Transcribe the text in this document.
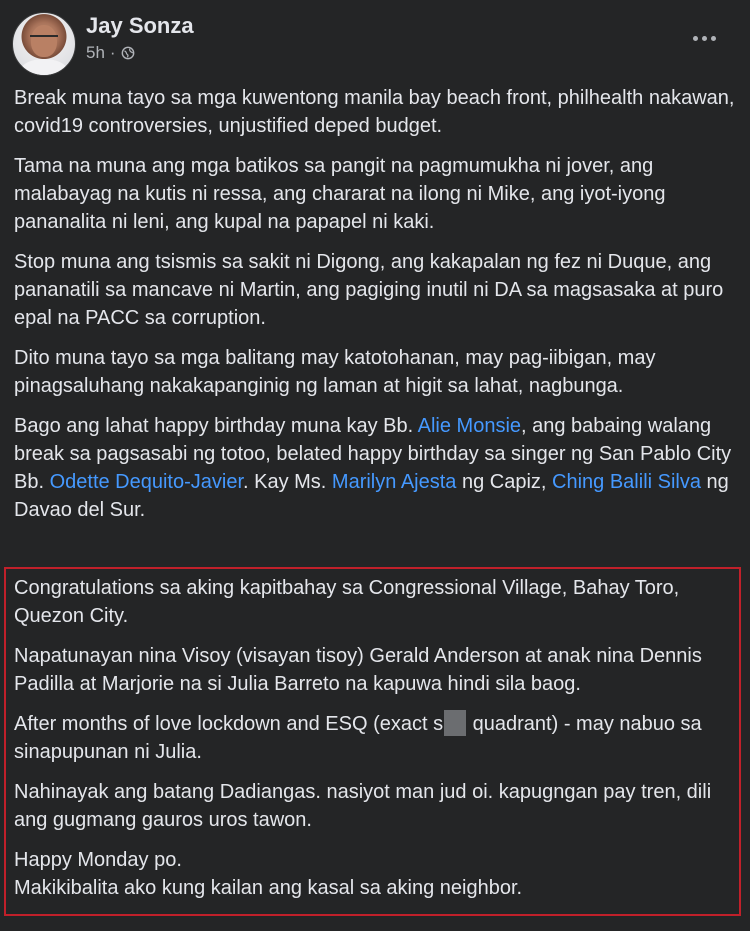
Jay Sonza
5h ·

Break muna tayo sa mga kuwentong manila bay beach front, philhealth nakawan, covid19 controversies, unjustified deped budget.

Tama na muna ang mga batikos sa pangit na pagmumukha ni jover, ang malabayag na kutis ni ressa, ang chararat na ilong ni Mike, ang iyot-iyong pananalita ni leni, ang kupal na papapel ni kaki.

Stop muna ang tsismis sa sakit ni Digong, ang kakapalan ng fez ni Duque, ang pananatili sa mancave ni Martin, ang pagiging inutil ni DA sa magsasaka at puro epal na PACC sa corruption.

Dito muna tayo sa mga balitang may katotohanan, may pag-iibigan, may pinagsaluhang nakakapanginig ng laman at higit sa lahat, nagbunga.

Bago ang lahat happy birthday muna kay Bb. Alie Monsie, ang babaing walang break sa pagsasabi ng totoo, belated happy birthday sa singer ng San Pablo City Bb. Odette Dequito-Javier. Kay Ms. Marilyn Ajesta ng Capiz, Ching Balili Silva ng Davao del Sur.

Congratulations sa aking kapitbahay sa Congressional Village, Bahay Toro, Quezon City.

Napatunayan nina Visoy (visayan tisoy) Gerald Anderson at anak nina Dennis Padilla at Marjorie na si Julia Barreto na kapuwa hindi sila baog.

After months of love lockdown and ESQ (exact s quadrant) - may nabuo sa sinapupunan ni Julia.

Nahinayak ang batang Dadiangas. nasiyot man jud oi. kapugngan pay tren, dili ang gugmang gauros uros tawon.

Happy Monday po.
Makikibalita ako kung kailan ang kasal sa aking neighbor.
